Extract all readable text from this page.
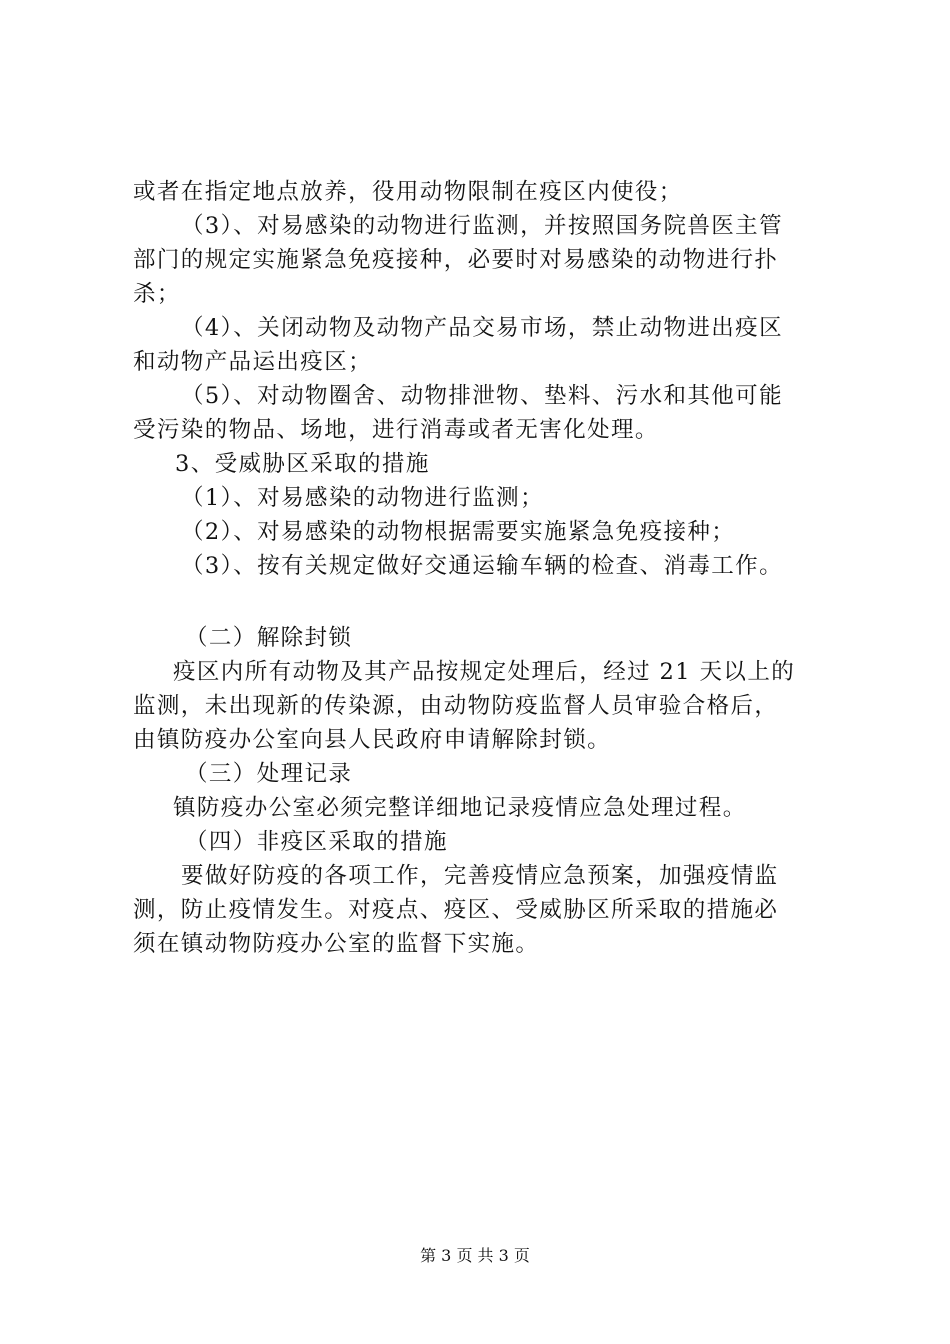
或者在指定地点放养，役用动物限制在疫区内使役；
（3）、对易感染的动物进行监测，并按照国务院兽医主管
部门的规定实施紧急免疫接种，必要时对易感染的动物进行扑
杀；
（4）、关闭动物及动物产品交易市场，禁止动物进出疫区
和动物产品运出疫区；
（5）、对动物圈舍、动物排泄物、垫料、污水和其他可能
受污染的物品、场地，进行消毒或者无害化处理。
3、受威胁区采取的措施
（1）、对易感染的动物进行监测；
（2）、对易感染的动物根据需要实施紧急免疫接种；
（3）、按有关规定做好交通运输车辆的检查、消毒工作。
（二）解除封锁
疫区内所有动物及其产品按规定处理后，经过 21 天以上的
监测，未出现新的传染源，由动物防疫监督人员审验合格后，
由镇防疫办公室向县人民政府申请解除封锁。
（三）处理记录
镇防疫办公室必须完整详细地记录疫情应急处理过程。
（四）非疫区采取的措施
要做好防疫的各项工作，完善疫情应急预案，加强疫情监
测，防止疫情发生。对疫点、疫区、受威胁区所采取的措施必
须在镇动物防疫办公室的监督下实施。
第 3 页 共 3 页
